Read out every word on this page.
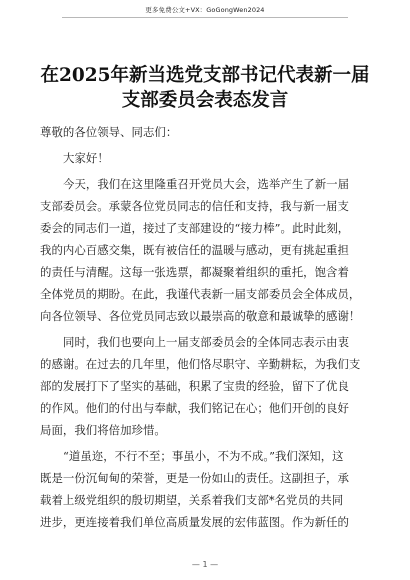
更多免费公文+VX：GoGongWen2024
在2025年新当选党支部书记代表新一届
支部委员会表态发言
尊敬的各位领导、同志们：
大家好！
今天，我们在这里隆重召开党员大会，选举产生了新一届
支部委员会。承蒙各位党员同志的信任和支持，我与新一届支
委会的同志们一道，接过了支部建设的“接力棒”。此时此刻，
我的内心百感交集，既有被信任的温暖与感动，更有挑起重担
的责任与清醒。这每一张选票，都凝聚着组织的重托，饱含着
全体党员的期盼。在此，我谨代表新一届支部委员会全体成员，
向各位领导、各位党员同志致以最崇高的敬意和最诚挚的感谢！
同时，我们也要向上一届支部委员会的全体同志表示由衷
的感谢。在过去的几年里，他们恪尽职守、辛勤耕耘，为我们支
部的发展打下了坚实的基础，积累了宝贵的经验，留下了优良
的作风。他们的付出与奉献，我们铭记在心；他们开创的良好
局面，我们将倍加珍惜。
“道虽迩，不行不至；事虽小，不为不成。”我们深知，这
既是一份沉甸甸的荣誉，更是一份如山的责任。这副担子，承
载着上级党组织的殷切期望，关系着我们支部*名党员的共同
进步，更连接着我们单位高质量发展的宏伟蓝图。作为新任的
— 1 —
